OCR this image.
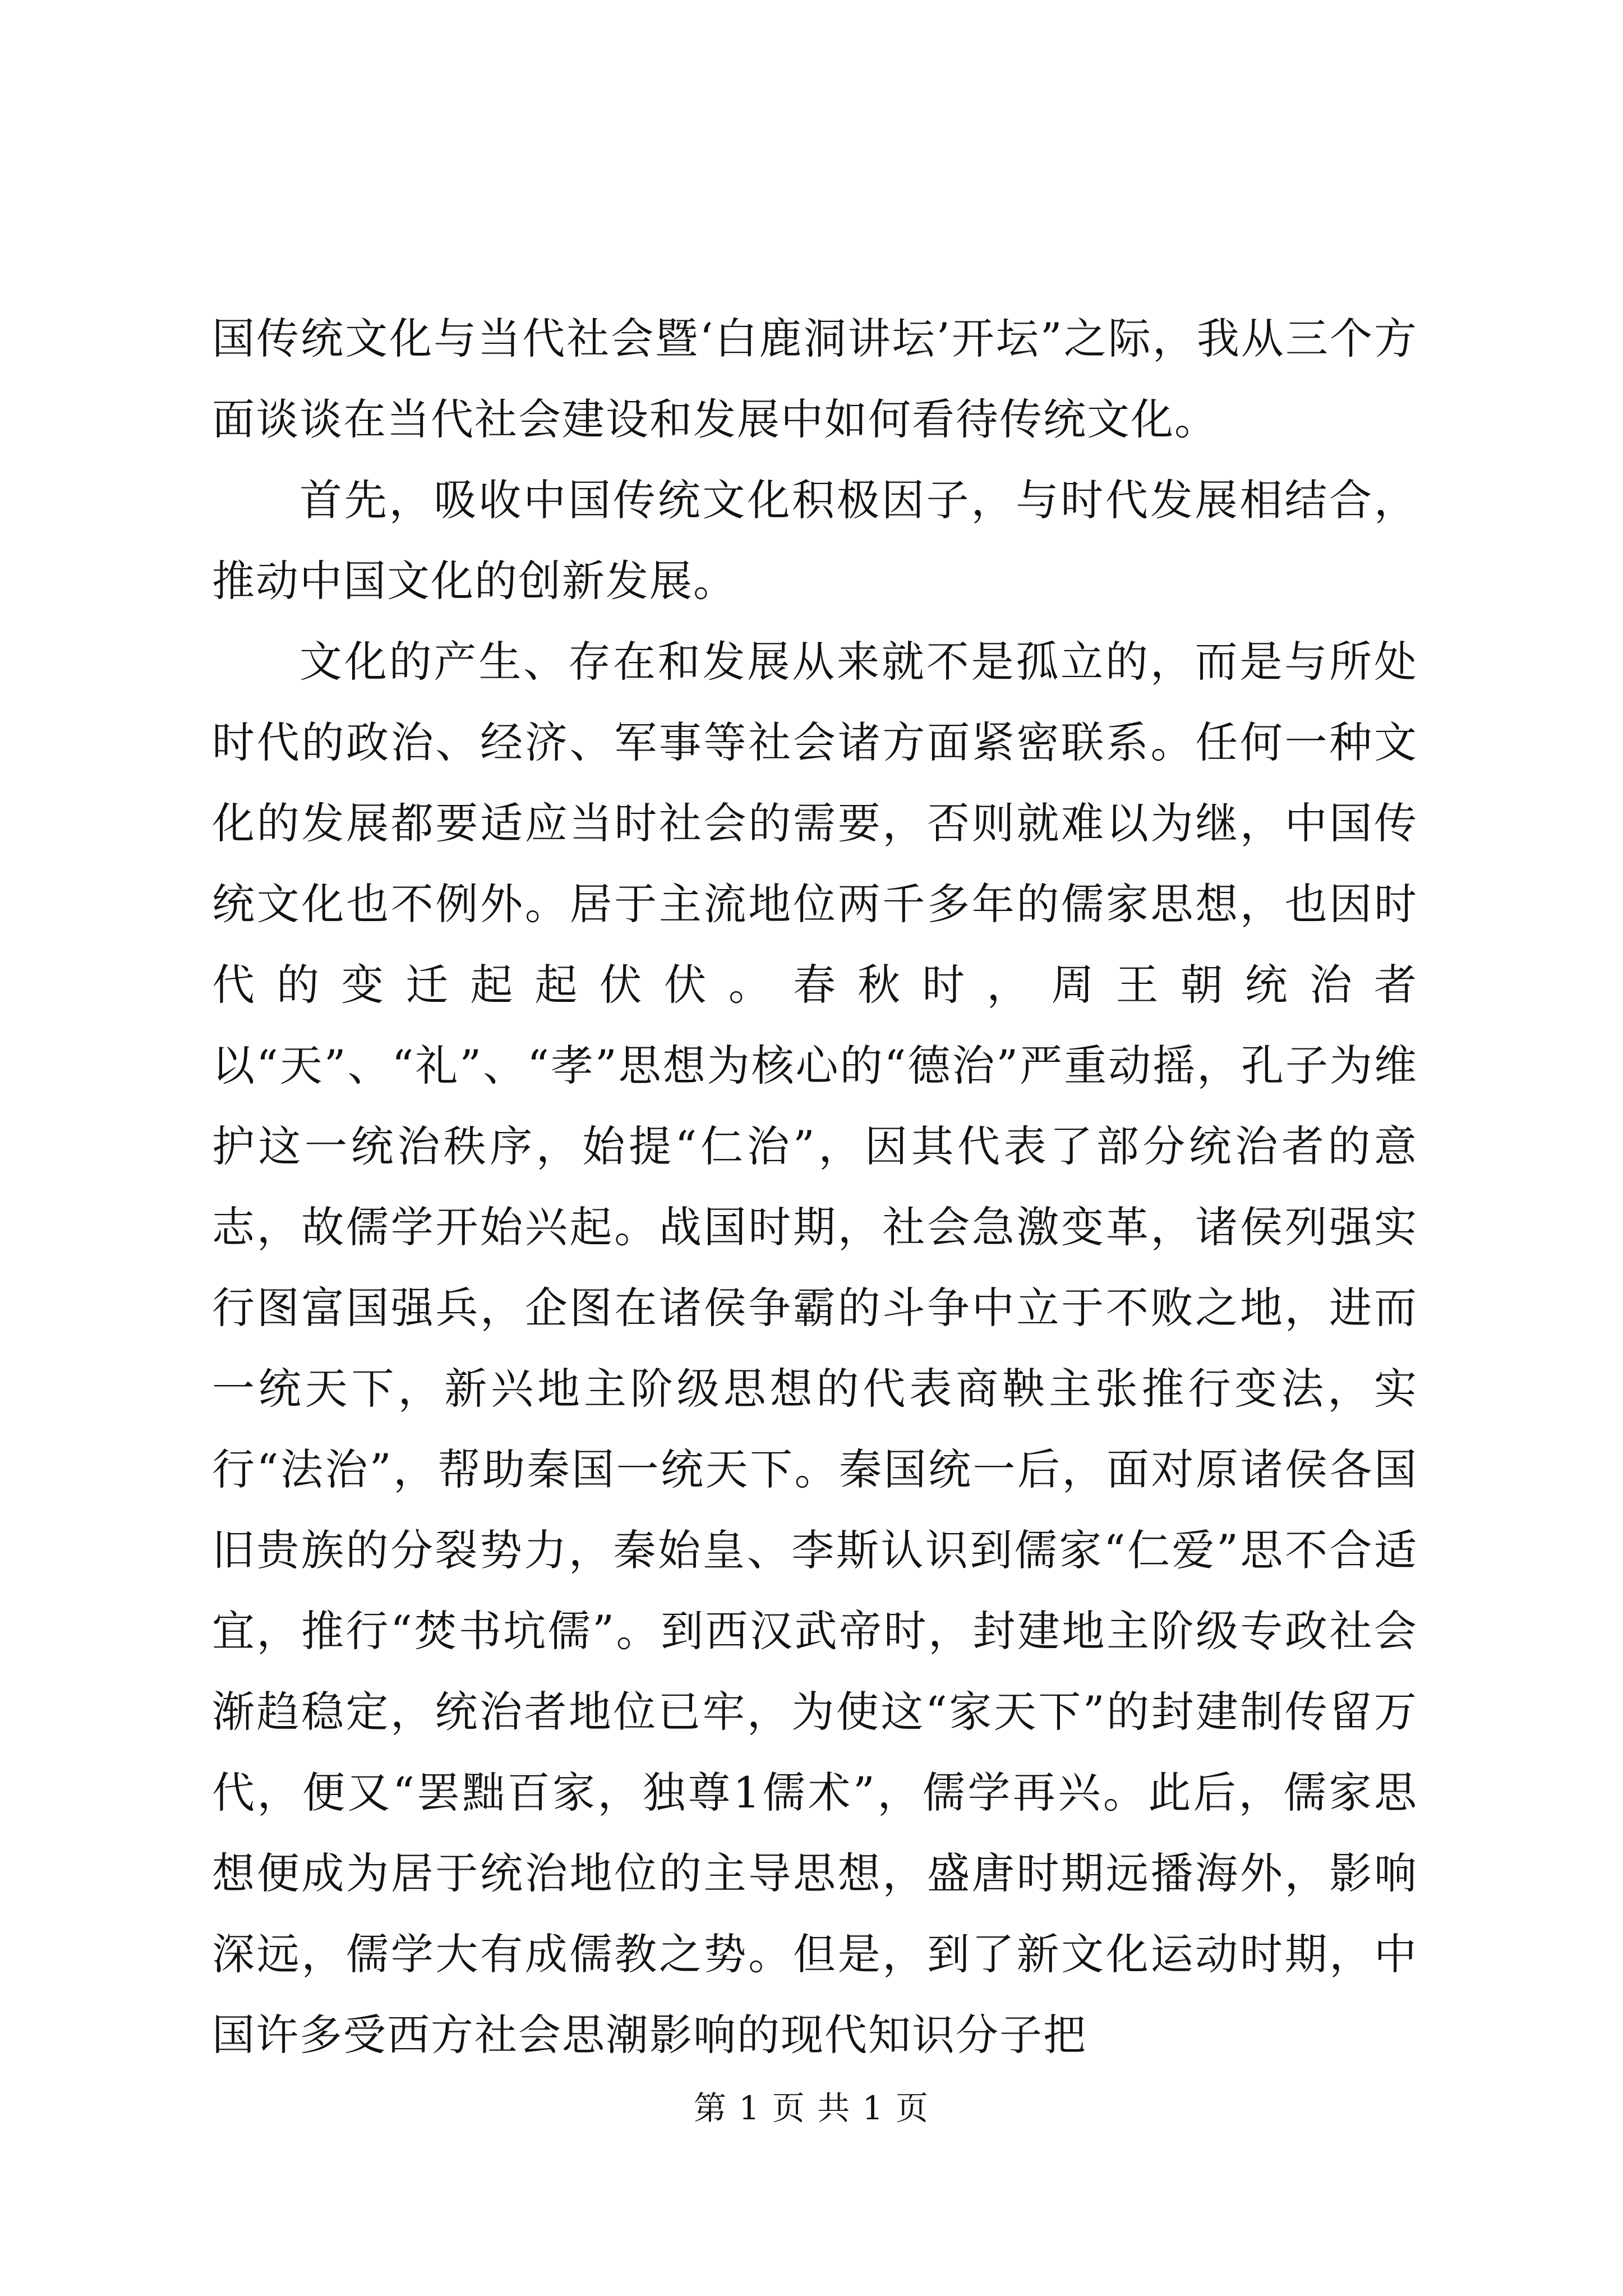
国传统文化与当代社会暨‘白鹿洞讲坛’开坛”之际，我从三个方面谈谈在当代社会建设和发展中如何看待传统文化。

首先，吸收中国传统文化积极因子，与时代发展相结合，推动中国文化的创新发展。

文化的产生、存在和发展从来就不是孤立的，而是与所处时代的政治、经济、军事等社会诸方面紧密联系。任何一种文化的发展都要适应当时社会的需要，否则就难以为继，中国传统文化也不例外。居于主流地位两千多年的儒家思想，也因时代的变迁起起伏伏。春秋时，周王朝统治者以“天”、“礼”、“孝”思想为核心的“德治”严重动摇，孔子为维护这一统治秩序，始提“仁治”，因其代表了部分统治者的意志，故儒学开始兴起。战国时期，社会急激变革，诸侯列强实行图富国强兵，企图在诸侯争霸的斗争中立于不败之地，进而一统天下，新兴地主阶级思想的代表商鞅主张推行变法，实行“法治”，帮助秦国一统天下。秦国统一后，面对原诸侯各国旧贵族的分裂势力，秦始皇、李斯认识到儒家“仁爱”思不合适宜，推行“焚书坑儒”。到西汉武帝时，封建地主阶级专政社会渐趋稳定，统治者地位已牢，为使这“家天下”的封建制传留万代，便又“罢黜百家，独尊1儒术”，儒学再兴。此后，儒家思想便成为居于统治地位的主导思想，盛唐时期远播海外，影响深远，儒学大有成儒教之势。但是，到了新文化运动时期，中国许多受西方社会思潮影响的现代知识分子把

第 1 页 共 1 页
